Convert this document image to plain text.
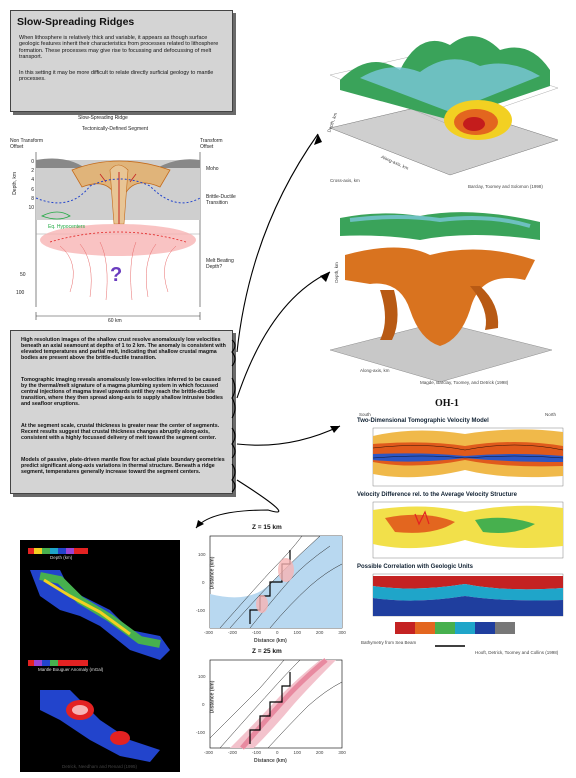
Slow-Spreading Ridges
When lithosphere is relatively thick and variable, it appears as though surface geologic features inherit their characteristics from processes related to lithosphere formation. These processes may give rise to focussing and defocussing of melt transport.
In this setting it may be more difficult to relate directly surficial geology to mantle processes.
Slow-Spreading Ridge
Tectonically-Defined Segment
Non Transform Offset
Transform Offset
?
Depth, km
Moho
Brittle-Ductile Transition
Eq. Hypocenters
Melt Beating Depth?
60 km
0
2
4
6
8
10
50
100
High resolution images of the shallow crust resolve anomalously low velocities beneath an axial seamount at depths of 1 to 2 km. The anomaly is consistent with elevated temperatures and partial melt, indicating that shallow crustal magma bodies are present above the brittle-ductile transition.
Tomographic imaging reveals anomalously low-velocities inferred to be caused by the thermal/melt signature of a magma plumbing system in which focussed central injections of magma travel upwards until they reach the brittle-ductile transition, where they then spread along-axis to supply shallow intrusive bodies and seafloor eruptions.
At the segment scale, crustal thickness is greater near the center of segments. Recent results suggest that crustal thickness changes abruptly along-axis, consistent with a highly focussed delivery of melt toward the segment center.
Models of passive, plate-driven mantle flow for actual plate boundary geometries predict significant along-axis variations in thermal structure. Beneath a ridge segment, temperatures generally increase toward the segment centers.
Barclay, Toomey and Solomon (1998)
Depth, km
Along-axis, km
Cross-axis, km
Magde, Barclay, Toomey, and Detrick (1998)
Depth, km
Along-axis, km
OH-1
South	North
Two-Dimensional Tomographic Velocity Model
Velocity Difference rel. to the Average Velocity Structure
Possible Correlation with Geologic Units
Bathymetry from Sea Beam
Hooft, Detrick, Toomey and Collins (1998)
Depth (km)
Mantle Bouguer Anomaly (mGal)
Z = 15 km
Distance (km)
Distance (km)
-300	-200	-100	0	100	200	300
100
0
-100
Z = 25 km
Distance (km)
Distance (km)
-300	-200	-100	0	100	200	300
100
0
-100
Detrick, Needham and Renard (1995)
